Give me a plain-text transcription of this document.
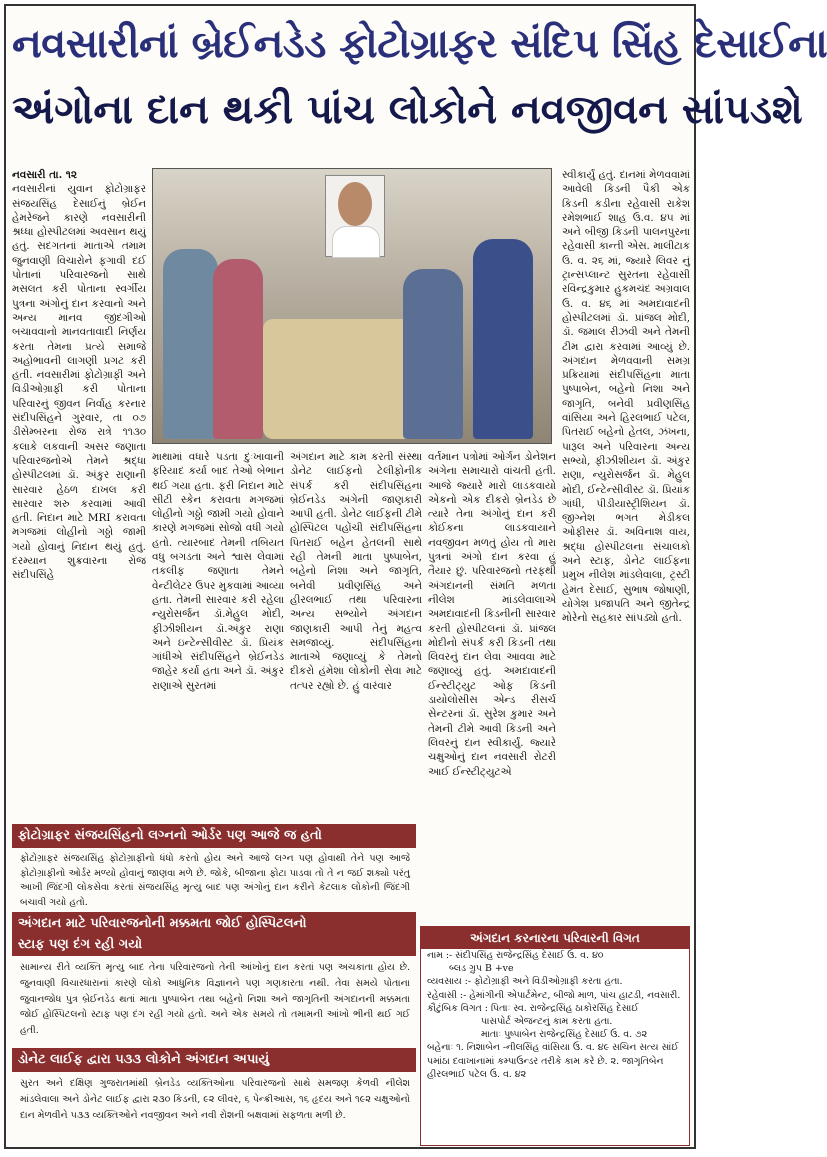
નવસારીનાં બ્રેઈનડેડ ફોટોગ્રાફર સંદિપ સિંહ દેસાઈના
અંગોના દાન થકી પાંચ લોકોને નવજીવન સાંપડશે

નવસારી તા. ૧૨

નવસારીનાં યુવાન ફોટોગ્રાફર સંજયસિંહ દેસાઈનું બ્રેઈન હેમરેજને કારણે નવસારીની શ્રધ્ધા હોસ્પીટલમાં અવસાન થયું હતું. સદગતનાં માતાએ તમામ જુનવાણી વિચારોને ફગાવી દઈ પોતાનાં પરિવારજનો સાથે મસલત કરી પોતાના સ્વર્ગીય પુત્રના અંગોનું દાન કરવાનો અને અન્ય માનવ જીંદગીઓ બચાવવાનો માનવતાવાદી નિર્ણય કરતા તેમના પ્રત્યે સમાજે અહોભાવની લાગણી પ્રગટ કરી હતી. નવસારીમાં ફોટોગ્રાફી અને વિડીઓગ્રાફી કરી પોતાના પરિવારનું જીવન નિર્વાહ કરનાર સંદીપસિંહને ગુરવાર, તા ૦૭ ડીસેમ્બરના રોજ રાત્રે ૧૧૩૦ કલાકે લકવાની અસર જણાતા પરિવારજનોએ તેમને શ્રદ્ધા હોસ્પીટલમાં ડૉ. અંકુર રાણાની સારવાર હેઠળ દાખલ કરી સારવાર શરુ કરવામાં આવી હતી. નિદાન માટે MRI કરાવતા મગજમાં લોહીનો ગઠ્ઠો જામી ગયો હોવાનું નિદાન થયું હતું. દરમ્યાન શુક્રવારના રોજ સંદીપસિંહે

માથામાં વધારે પડતા દુઃખાવાની ફરિયાદ કર્યા બાદ તેઓ બેભાન થઈ ગયા હતા. ફરી નિદાન માટે સીટી સ્કેન કરાવતા મગજમાં લોહીનો ગઠ્ઠો જામી ગયો હોવાને કારણે મગજમાં સોજો વધી ગયો હતો. ત્યારબાદ તેમની તબિયત વધુ બગડતા અને શ્વાસ લેવામાં તકલીફ જણાતા તેમને વેન્ટીલેટર ઉપર મુકવામાં આવ્યા હતા. તેમની સારવાર કરી રહેલા ન્યુરોસર્જન ડૉ.મેહુલ મોદી, ફીઝીશીયન ડૉ.અંકુર રાણા અને ઇન્ટેન્સીવીસ્ટ ડૉ. પ્રિયંક ગાંધીએ સંદીપસિંહને બ્રેઈનડેડ જાહેર કર્યા હતા અને ડૉ. અંકુર રાણાએ સુરતમાં

અંગદાન માટે કામ કરતી સંસ્થા ડોનેટ લાઈફનો ટેલીફોનીક સંપર્ક કરી સંદીપસિંહના બ્રેઈનડેડ અંગેની જાણકારી આપી હતી. ડોનેટ લાઈફની ટીમે હોસ્પિટલ પહોંચી સંદીપસિંહના પિતરાઈ બહેન હેતલની સાથે રહી તેમની માતા પુષ્પાબેન, બહેનો નિશા અને જાગૃતિ, બનેવી પ્રવીણસિંહ અને હીરલભાઈ તથા પરિવારના અન્ય સભ્યોને અંગદાન જાણકારી આપી તેનું મહત્વ સમજાવ્યું. સંદીપસિંહના માતાએ જણાવ્યું કે તેમનો દીકરો હંમેશા લોકોની સેવા માટે તત્પર રહ્યો છે. હું વારંવાર

વર્તમાન પત્રોમાં ઓર્ગન ડોનેશન અંગેના સમાચારો વાંચતી હતી. આજે જ્યારે મારો લાડકવાયો એકનો એક દીકરો બ્રેનડેડ છે ત્યારે તેના અંગોનું દાન કરી કોઈકના લાડકવાયાને નવજીવન મળતું હોય તો મારા પુત્રનાં અંગો દાન કરવા હું તૈયાર છું. પરિવારજનો તરફથી અંગદાનની સંમતિ મળતા નીલેશ માંડલેવાલાએ અમદાવાદની કિડનીની સારવાર કરતી હોસ્પીટલનાં ડૉ. પ્રાંજલ મોદીનો સંપર્ક કરી કિડની તથા લિવરનું દાન લેવા આવવા માટે જણાવ્યું હતું. અમદાવાદની ઈન્સ્ટીટ્યુટ ઓફ કિડની ડાયોલોસીસ એન્ડ રીસર્ચ સેન્ટરનાં ડૉ. સુરેશ કુમાર અને તેમની ટીમે આવી કિડની અને લિવરનું દાન સ્વીકાર્યું. જ્યારે ચક્ષુઓનું દાન નવસારી રોટરી આઈ ઈન્સ્ટીટ્યુટએ

સ્વીકાર્યું હતું. દાનમાં મેળવવામાં આવેલી કિડની પૈકી એક કિડની કડીના રહેવાસી રાકેશ રમેશભાઈ શાહ ઉ.વ. ૪૫ માં અને બીજી કિડની પાલનપુરના રહેવાસી કાન્તી એસ. માલીટાક ઉ. વ. ૨૬ માં, જ્યારે લિવર નું ટ્રાન્સપ્લાન્ટ સુરતના રહેવાસી રવિન્દ્રકુમાર હુકમચંદ અગ્રવાલ ઉ. વ. ૪૬ માં અમદાવાદની હોસ્પીટલમાં ડૉ. પ્રાંજલ મોદી, ડૉ. જમાલ રીઝવી અને તેમની ટીમ દ્વારા કરવામાં આવ્યું છે. અંગદાન મેળવવાની સમગ્ર પ્રક્રિયામાં સંદીપસિંહના માતા પુષ્પાબેન, બહેનો નિશા અને જાગૃતિ, બનેવી પ્રવીણસિંહ વાંસિયા અને હિરલભાઈ પટેલ, પિતરાઈ બહેનો હેતલ, ઝંખના, પારૂલ અને પરિવારના અન્ય સભ્યો, ફીઝીશીયન ડૉ. અંકુર રાણા, ન્યુરોસર્જન ડૉ. મેહુલ મોદી, ઈન્ટેન્સીવીસ્ટ ડૉ. પ્રિયાંક ગાંધી, પીડીયાસ્ટ્રીશિયન ડૉ. જીગ્નેશ ભગત મેડીકલ ઓફીસર ડૉ. અવિનાશ વાય, શ્રદ્ધા હોસ્પીટલના સંચાલકો અને સ્ટાફ, ડોનેટ લાઈફના પ્રમુખ નીલેશ માંડલેવાલા, ટ્રસ્ટી હેમંત દેસાઈ, સુભાષ જોષાણી, યોગેશ પ્રજાપતિ અને જીતેન્દ્ર મોરેનો સહકાર સાંપડ્યો હતો.

ફોટોગ્રાફર સંજયસિંહનો લગ્નનો ઓર્ડર પણ આજે જ હતો

ફોટોગ્રાફર સંજયસિંહ ફોટોગ્રાફીનો ધંધો કરતો હોય અને આજે લગ્ન પણ હોવાથી તેને પણ આજે ફોટોગ્રાફીનો ઓર્ડર મળ્યો હોવાનું જાણવા મળે છે. જોકે, બીજાના ફોટા પાડવા તો તે ન જઈ શક્યો પરંતુ આખી જિંદગી લોકસેવા કરતાં સંજયસિંહ મૃત્યુ બાદ પણ અંગોનું દાન કરીને કેટલાક લોકોની જિંદગી બચાવી ગયો હતો.

અંગદાન માટે પરિવારજનોની મક્કમતા જોઈ હોસ્પિટલનો
સ્ટાફ પણ દંગ રહી ગયો

સામાન્ય રીતે વ્યક્તિ મૃત્યુ બાદ તેના પરિવારજનો તેની આંખોનું દાન કરતાં પણ અચકાતા હોય છે. જુનવાણી વિચારધારાનાં કારણે લોકો આધુનિક વિજ્ઞાનને પણ ગણકારતા નથી. તેવા સમયે પોતાના જુવાનજોધ પુત્ર બ્રેઈનડેડ થતાં માતા પુષ્પાબેન તથા બહેનો નિશા અને જાગૃતિની અંગદાનની મક્કમતા જોઈ હોસ્પિટલનો સ્ટાફ પણ દંગ રહી ગયો હતો. અને એક સમયે તો તમામની આંખો ભીની થઈ ગઈ હતી.

ડોનેટ લાઈફ દ્વારા ૫૩૩ લોકોને અંગદાન અપાયું

સુરત અને દક્ષિણ ગુજરાતમાંથી બ્રેનડેડ વ્યક્તિઓના પરિવારજનો સાથે સમજણ કેળવી નીલેશ માંડલેવાલા અને ડોનેટ લાઈફ દ્વારા ૨૩૦ કિડની, ૯૨ લીવર, ૬ પેન્ક્રીઆસ, ૧૬ હૃદય અને ૧૯૨ ચક્ષુઓનો દાન મેળવીને ૫૩૩ વ્યક્તિઓને નવજીવન અને નવી રોશની બક્ષવામાં સફળતા મળી છે.

અંગદાન કરનારના પરિવારની વિગત
નામ :- સંદીપસિંહ રાજેન્દ્રસિંહ દેસાઈ ઉ. વ. ૪૦
બ્લડ ગ્રુપ B +ve
વ્યવસાય :- ફોટોગ્રાફી અને વિડીઓગ્રાફી કરતા હતા.
રહેવાસી :- હેમાંગીની એપાર્ટમેન્ટ, બીજો માળ, પાંચ હાટડી, નવસારી.
કૌટુંબિક વિગત : પિતાઃ સ્વ. રાજેન્દ્રસિંહ ઠાકોરસિંહ દેસાઈ
પાસપોર્ટ એજન્ટનું કામ કરતા હતા.
માતાઃ પુષ્પાબેન રાજેન્દ્રસિંહ દેસાઈ ઉ. વ. ૭૨
બહેનાઃ ૧. નિશાબેન -નીલસિંહ વાંસિયા ઉ. વ. ૪૯ સચિન સત્ય સાંઈ પમાંઠા દવાખાનામાં કમ્પાઉન્ડર તરીકે કામ કરે છે. ૨. જાગૃતિબેન હીરલભાઈ પટેલ ઉ. વ. ૪૨
